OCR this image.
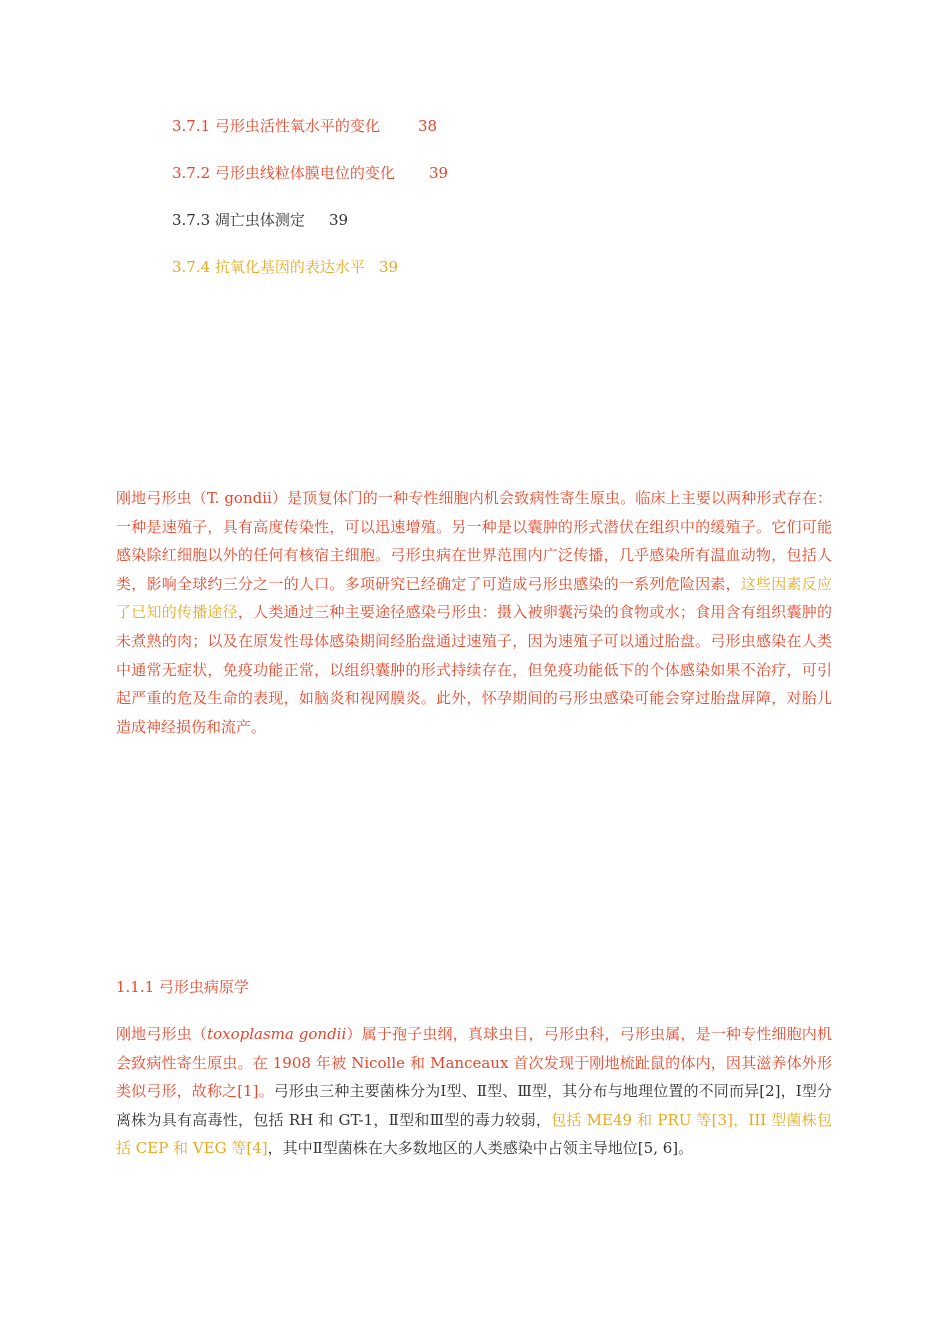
3.7.1 弓形虫活性氧水平的变化	38
3.7.2 弓形虫线粒体膜电位的变化 39
3.7.3 凋亡虫体测定 39
3.7.4 抗氧化基因的表达水平 39

刚地弓形虫（T. gondii）是顶复体门的一种专性细胞内机会致病性寄生原虫。临床上主要以两种形式存在：一种是速殖子，具有高度传染性，可以迅速增殖。另一种是以囊肿的形式潜伏在组织中的缓殖子。它们可能感染除红细胞以外的任何有核宿主细胞。弓形虫病在世界范围内广泛传播，几乎感染所有温血动物，包括人类，影响全球约三分之一的人口。多项研究已经确定了可造成弓形虫感染的一系列危险因素，这些因素反应了已知的传播途径，人类通过三种主要途径感染弓形虫：摄入被卵囊污染的食物或水；食用含有组织囊肿的未煮熟的肉；以及在原发性母体感染期间经胎盘通过速殖子，因为速殖子可以通过胎盘。弓形虫感染在人类中通常无症状，免疫功能正常，以组织囊肿的形式持续存在，但免疫功能低下的个体感染如果不治疗，可引起严重的危及生命的表现，如脑炎和视网膜炎。此外，怀孕期间的弓形虫感染可能会穿过胎盘屏障，对胎儿造成神经损伤和流产。

1.1.1 弓形虫病原学

刚地弓形虫（toxoplasma gondii）属于孢子虫纲，真球虫目，弓形虫科，弓形虫属，是一种专性细胞内机会致病性寄生原虫。在 1908 年被 Nicolle 和 Manceaux 首次发现于刚地梳趾鼠的体内，因其滋养体外形类似弓形，故称之[1]。弓形虫三种主要菌株分为Ⅰ型、Ⅱ型、Ⅲ型，其分布与地理位置的不同而异[2]，Ⅰ型分离株为具有高毒性，包括 RH 和 GT-1，Ⅱ型和Ⅲ型的毒力较弱，包括 ME49 和 PRU 等[3]，III 型菌株包括 CEP 和 VEG 等[4]，其中Ⅱ型菌株在大多数地区的人类感染中占领主导地位[5, 6]。
